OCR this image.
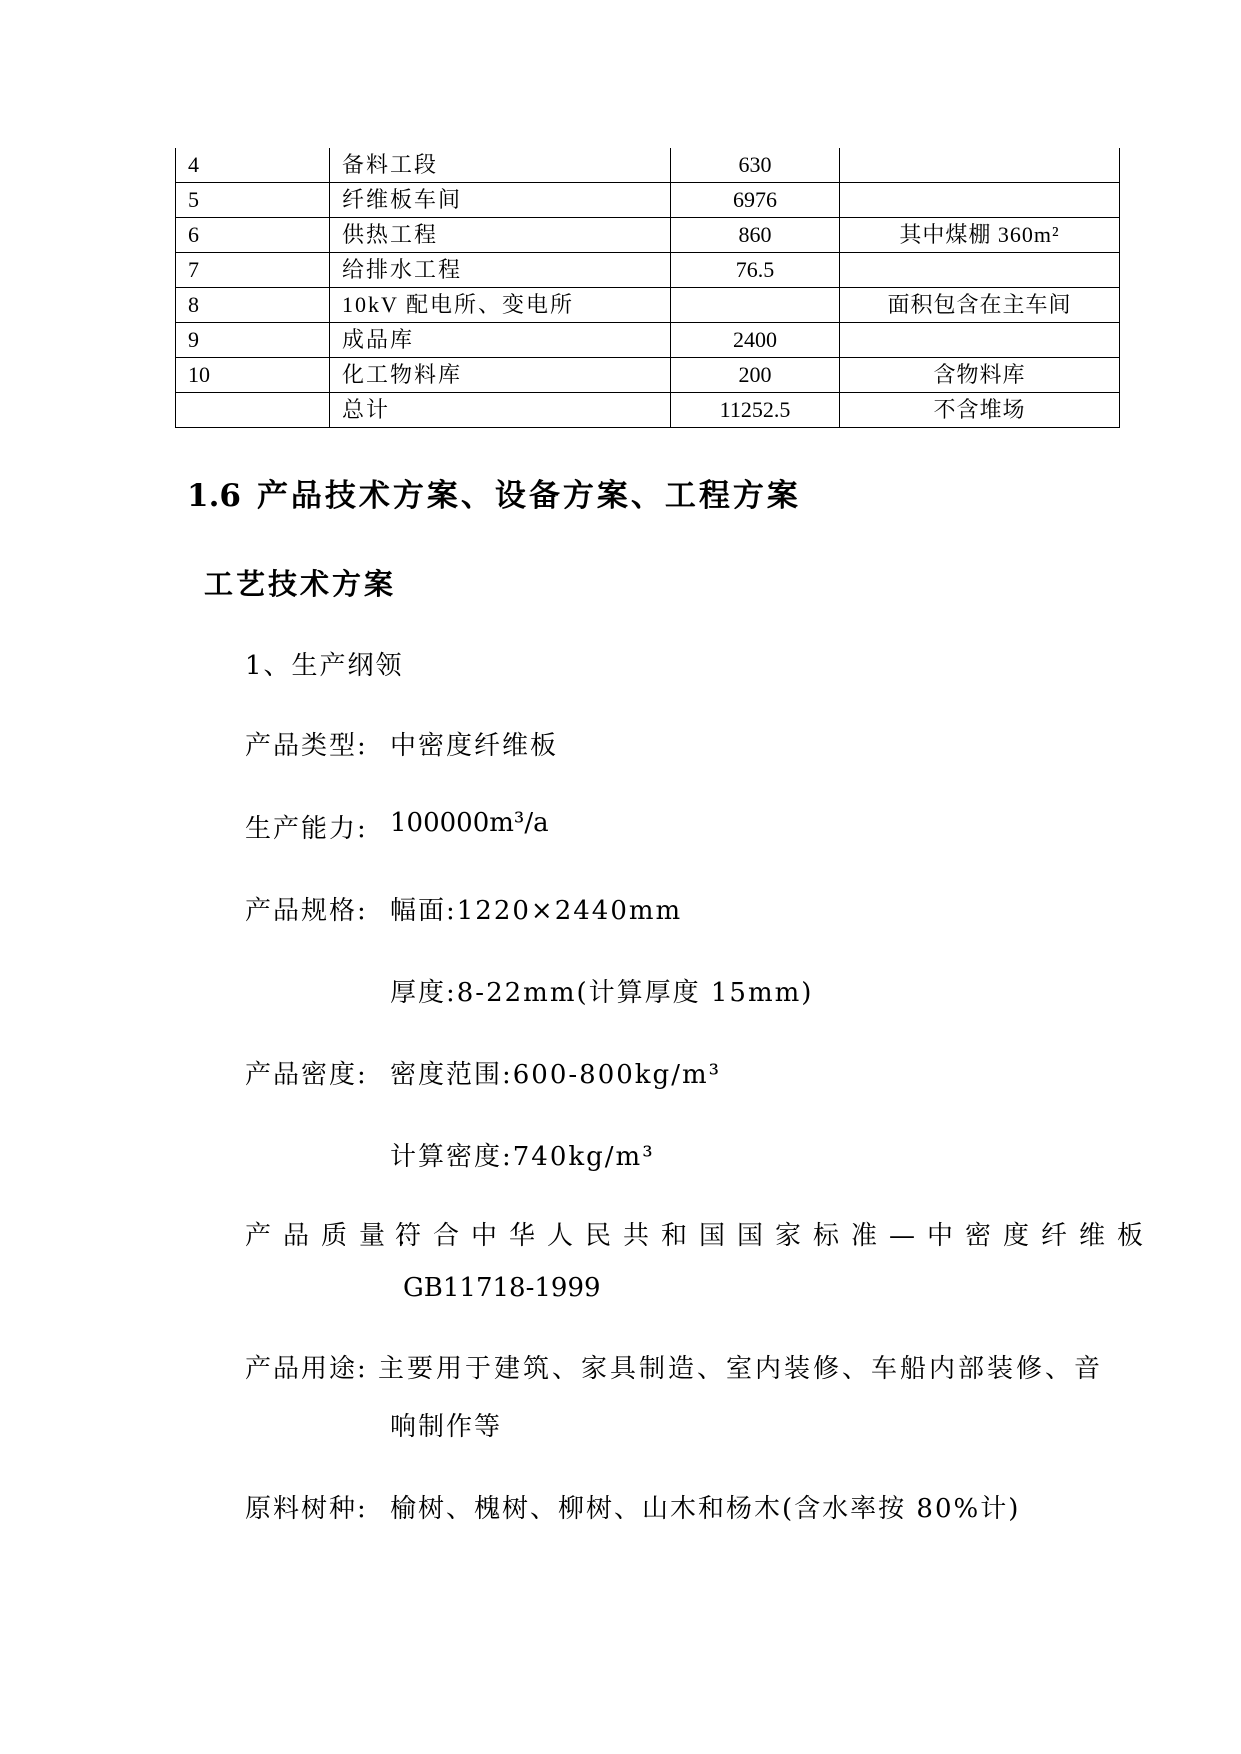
4	备料工段	630	
5	纤维板车间	6976	
6	供热工程	860	其中煤棚 360m²
7	给排水工程	76.5	
8	10kV 配电所、变电所		面积包含在主车间
9	成品库	2400	
10	化工物料库	200	含物料库
	总计	11252.5	不含堆场
1.6 产品技术方案、设备方案、工程方案
工艺技术方案
1、生产纲领
产品类型: 中密度纤维板
生产能力: 100000m³/a
产品规格: 幅面:1220×2440mm
厚度:8-22mm(计算厚度 15mm)
产品密度: 密度范围:600-800kg/m³
计算密度:740kg/m³
产品质量:
符合中华人民共和国国家标准—中密度纤维板
GB11718-1999
产品用途: 主要用于建筑、家具制造、室内装修、车船内部装修、音
响制作等
原料树种: 榆树、槐树、柳树、山木和杨木(含水率按 80%计)
